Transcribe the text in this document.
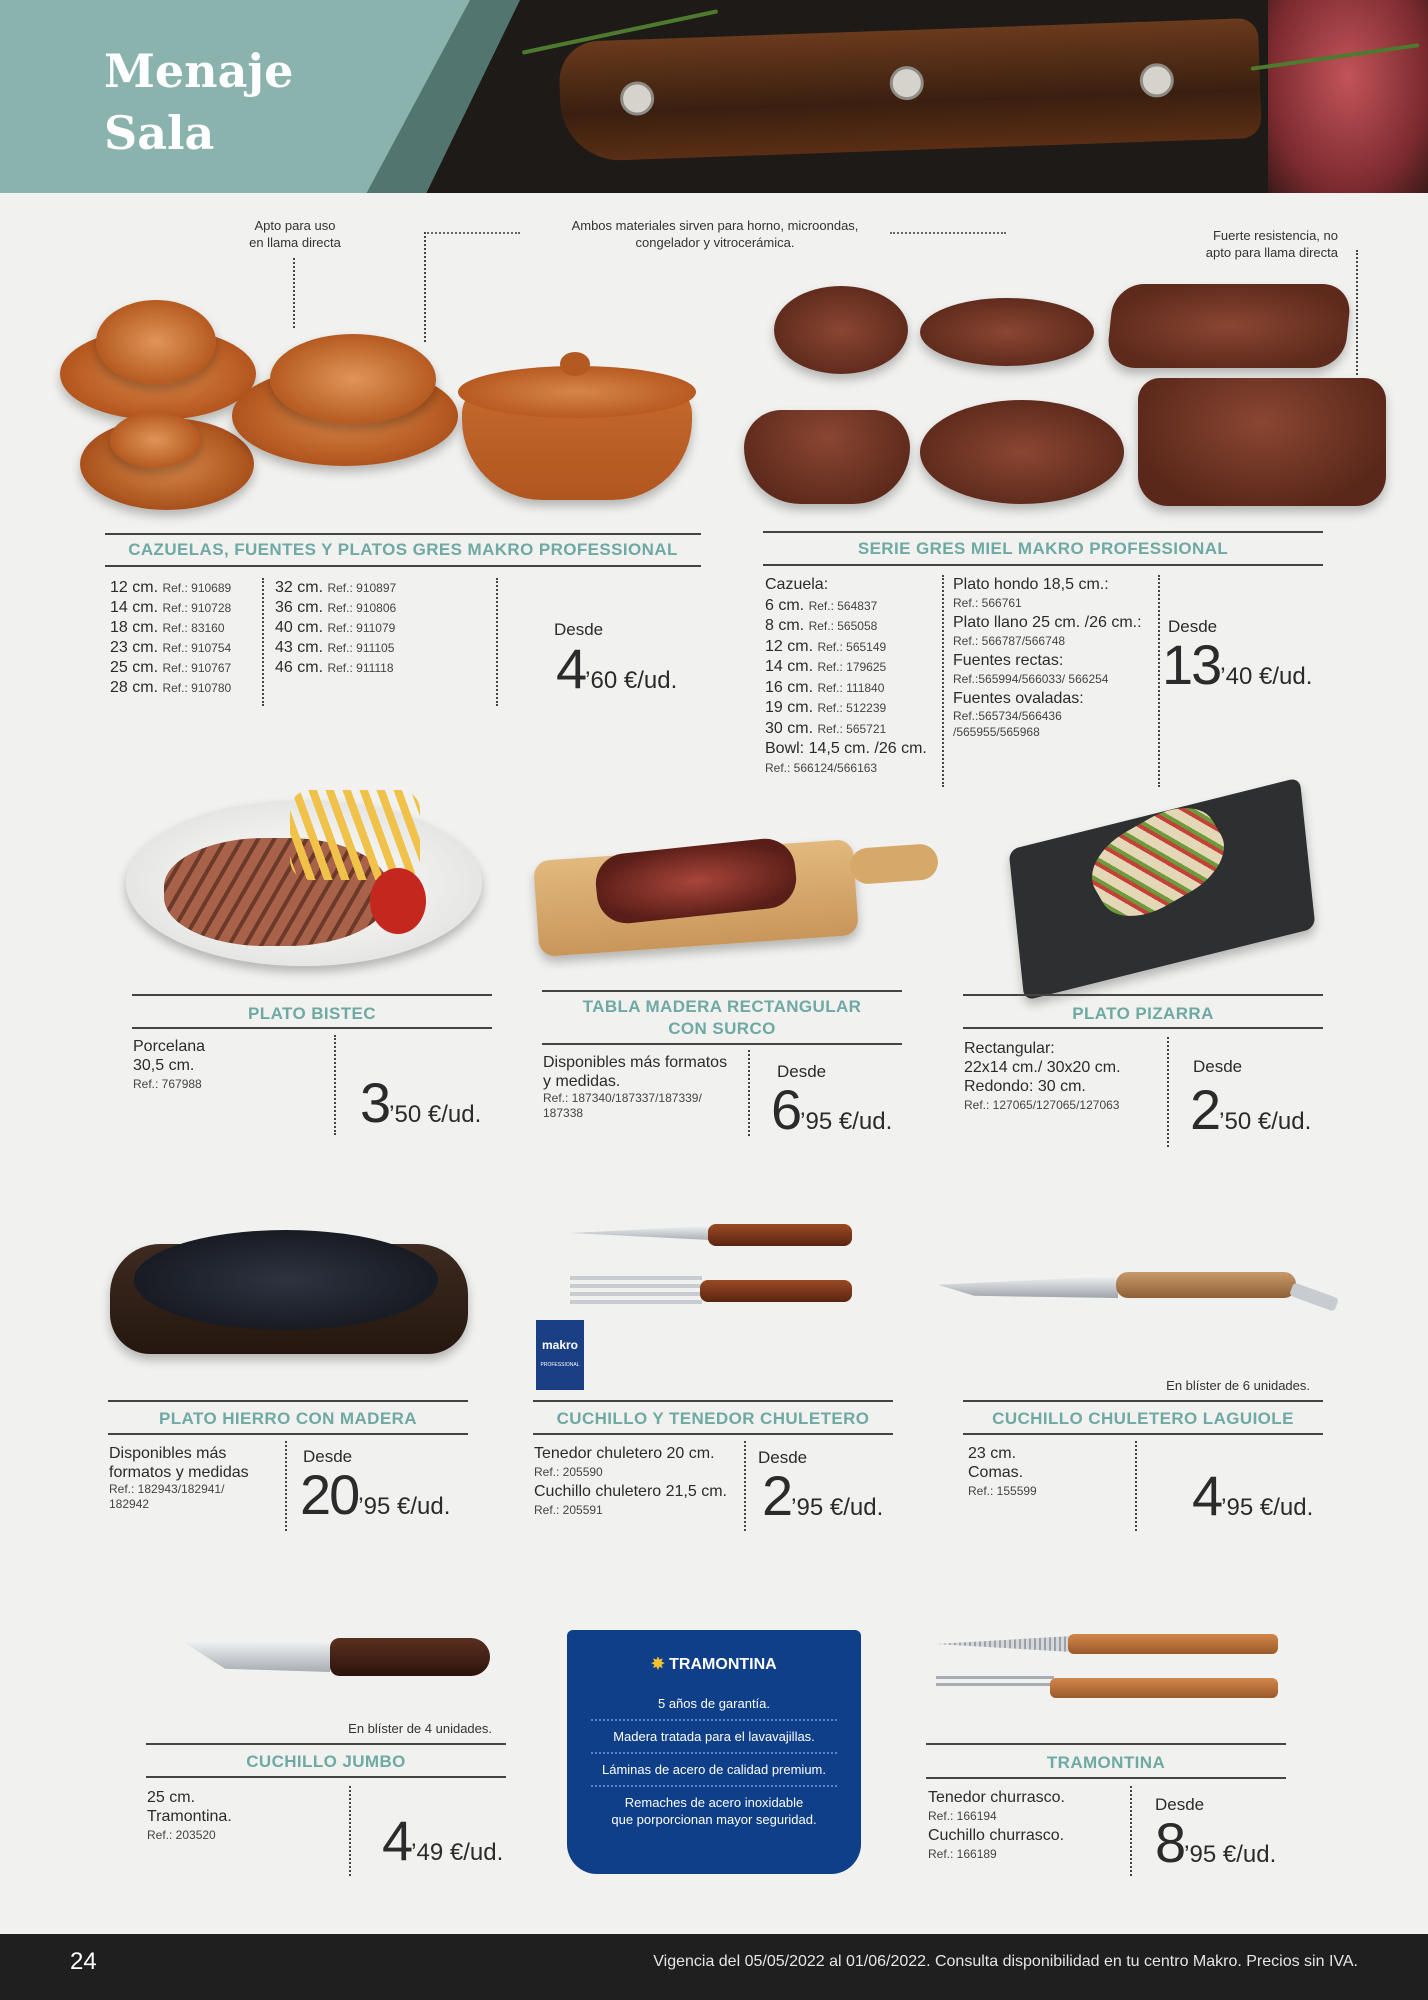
Menaje
Sala
Apto para uso
en llama directa
Ambos materiales sirven para horno, microondas,
congelador y vitrocerámica.	Fuerte resistencia, no
apto para llama directa
CAZUELAS, FUENTES Y PLATOS GRES MAKRO PROFESSIONAL
12 cm. Ref.: 910689
14 cm. Ref.: 910728
18 cm. Ref.: 83160
23 cm. Ref.: 910754
25 cm. Ref.: 910767
28 cm. Ref.: 910780
32 cm. Ref.: 910897
36 cm. Ref.: 910806
40 cm. Ref.: 911079
43 cm. Ref.: 911105
46 cm. Ref.: 911118
Desde
4’60 €/ud.
SERIE GRES MIEL MAKRO PROFESSIONAL
Cazuela:
6 cm. Ref.: 564837
8 cm. Ref.: 565058
12 cm. Ref.: 565149
14 cm. Ref.: 179625
16 cm. Ref.: 111840
19 cm. Ref.: 512239
30 cm. Ref.: 565721
Bowl: 14,5 cm. /26 cm.
Ref.: 566124/566163
Plato hondo 18,5 cm.:
Ref.: 566761
Plato llano 25 cm. /26 cm.:
Ref.: 566787/566748
Fuentes rectas:
Ref.:565994/566033/ 566254
Fuentes ovaladas:
Ref.:565734/566436
/565955/565968
Desde
13’40 €/ud.
PLATO BISTEC
Porcelana
30,5 cm.
Ref.: 767988	3’50 €/ud.
TABLA MADERA RECTANGULAR
CON SURCO
Disponibles más formatos
y medidas.
Ref.: 187340/187337/187339/
187338
Desde
6’95 €/ud.
PLATO PIZARRA
Rectangular:
22x14 cm./ 30x20 cm.
Redondo: 30 cm.
Ref.: 127065/127065/127063
Desde
2’50 €/ud.
makro
PROFESSIONAL
En blíster de 6 unidades.
PLATO HIERRO CON MADERA
Disponibles más
formatos y medidas
Ref.: 182943/182941/
182942
Desde
20’95 €/ud.
CUCHILLO Y TENEDOR CHULETERO
Tenedor chuletero 20 cm.
Ref.: 205590
Cuchillo chuletero 21,5 cm.
Ref.: 205591
Desde
2’95 €/ud.
CUCHILLO CHULETERO LAGUIOLE
23 cm.
Comas.
Ref.: 155599	4’95 €/ud.
En blíster de 4 unidades.
✸ TRAMONTINA
5 años de garantía.
Madera tratada para el lavavajillas.
Láminas de acero de calidad premium.
Remaches de acero inoxidable
que porporcionan mayor seguridad.
CUCHILLO JUMBO
25 cm.
Tramontina.
Ref.: 203520	4’49 €/ud.
TRAMONTINA
Tenedor churrasco.
Ref.: 166194
Cuchillo churrasco.
Ref.: 166189
Desde
8’95 €/ud.
24	Vigencia del 05/05/2022 al 01/06/2022. Consulta disponibilidad en tu centro Makro. Precios sin IVA.
